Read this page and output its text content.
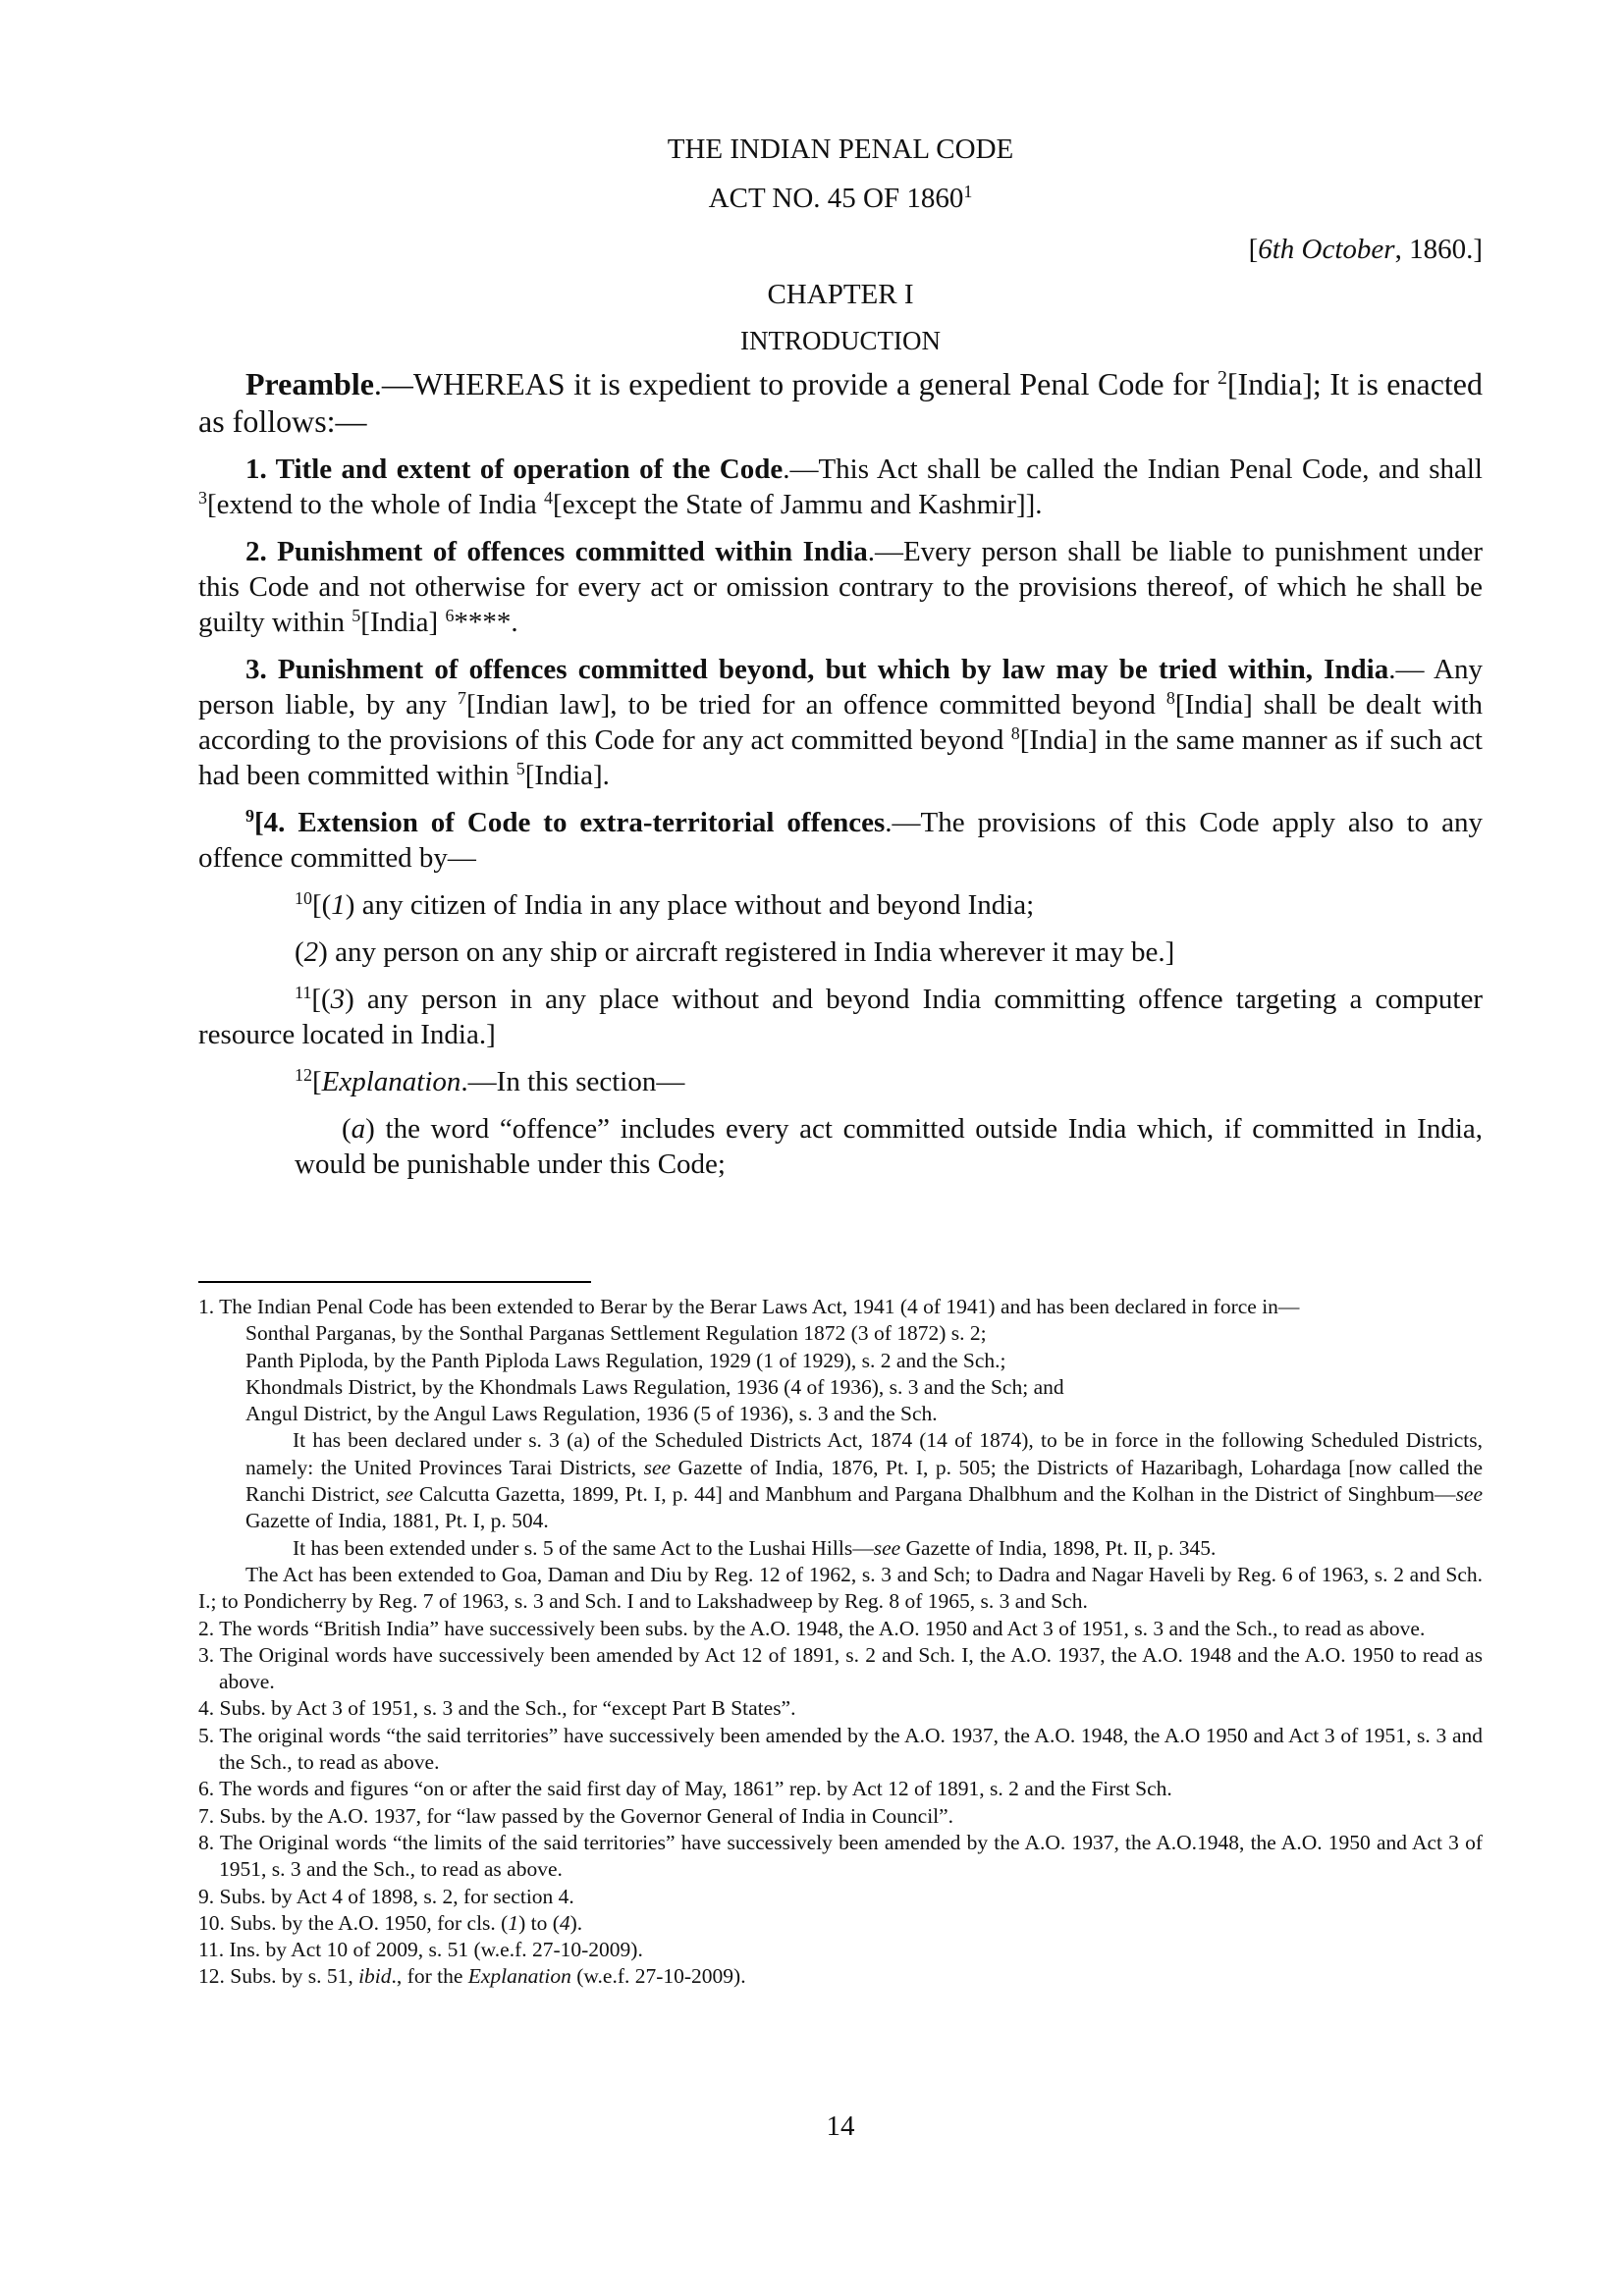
THE INDIAN PENAL CODE
ACT NO. 45 OF 1860$^1$
[6th October, 1860.]
CHAPTER I
INTRODUCTION

Preamble.—WHEREAS it is expedient to provide a general Penal Code for $^2$[India]; It is enacted as follows:—

1. Title and extent of operation of the Code.—This Act shall be called the Indian Penal Code, and shall $^3$[extend to the whole of India $^4$[except the State of Jammu and Kashmir]].

2. Punishment of offences committed within India.—Every person shall be liable to punishment under this Code and not otherwise for every act or omission contrary to the provisions thereof, of which he shall be guilty within $^5$[India] $^6$****.

3. Punishment of offences committed beyond, but which by law may be tried within, India.— Any person liable, by any $^7$[Indian law], to be tried for an offence committed beyond $^8$[India] shall be dealt with according to the provisions of this Code for any act committed beyond $^8$[India] in the same manner as if such act had been committed within $^5$[India].

$^9$[4. Extension of Code to extra-territorial offences.—The provisions of this Code apply also to any offence committed by—

$^{10}$[(1) any citizen of India in any place without and beyond India;

(2) any person on any ship or aircraft registered in India wherever it may be.]

$^{11}$[(3) any person in any place without and beyond India committing offence targeting a computer resource located in India.]

$^{12}$[Explanation.—In this section—

(a) the word “offence” includes every act committed outside India which, if committed in India, would be punishable under this Code;

1. The Indian Penal Code has been extended to Berar by the Berar Laws Act, 1941 (4 of 1941) and has been declared in force in—
Sonthal Parganas, by the Sonthal Parganas Settlement Regulation 1872 (3 of 1872) s. 2;
Panth Piploda, by the Panth Piploda Laws Regulation, 1929 (1 of 1929), s. 2 and the Sch.;
Khondmals District, by the Khondmals Laws Regulation, 1936 (4 of 1936), s. 3 and the Sch; and
Angul District, by the Angul Laws Regulation, 1936 (5 of 1936), s. 3 and the Sch.
It has been declared under s. 3 (a) of the Scheduled Districts Act, 1874 (14 of 1874), to be in force in the following Scheduled Districts, namely: the United Provinces Tarai Districts, see Gazette of India, 1876, Pt. I, p. 505; the Districts of Hazaribagh, Lohardaga [now called the Ranchi District, see Calcutta Gazetta, 1899, Pt. I, p. 44] and Manbhum and Pargana Dhalbhum and the Kolhan in the District of Singhbum—see Gazette of India, 1881, Pt. I, p. 504.
It has been extended under s. 5 of the same Act to the Lushai Hills—see Gazette of India, 1898, Pt. II, p. 345.
The Act has been extended to Goa, Daman and Diu by Reg. 12 of 1962, s. 3 and Sch; to Dadra and Nagar Haveli by Reg. 6 of 1963, s. 2 and Sch. I.; to Pondicherry by Reg. 7 of 1963, s. 3 and Sch. I and to Lakshadweep by Reg. 8 of 1965, s. 3 and Sch.
2. The words “British India” have successively been subs. by the A.O. 1948, the A.O. 1950 and Act 3 of 1951, s. 3 and the Sch., to read as above.
3. The Original words have successively been amended by Act 12 of 1891, s. 2 and Sch. I, the A.O. 1937, the A.O. 1948 and the A.O. 1950 to read as above.
4. Subs. by Act 3 of 1951, s. 3 and the Sch., for “except Part B States”.
5. The original words “the said territories” have successively been amended by the A.O. 1937, the A.O. 1948, the A.O 1950 and Act 3 of 1951, s. 3 and the Sch., to read as above.
6. The words and figures “on or after the said first day of May, 1861” rep. by Act 12 of 1891, s. 2 and the First Sch.
7. Subs. by the A.O. 1937, for “law passed by the Governor General of India in Council”.
8. The Original words “the limits of the said territories” have successively been amended by the A.O. 1937, the A.O.1948, the A.O. 1950 and Act 3 of 1951, s. 3 and the Sch., to read as above.
9. Subs. by Act 4 of 1898, s. 2, for section 4.
10. Subs. by the A.O. 1950, for cls. (1) to (4).
11. Ins. by Act 10 of 2009, s. 51 (w.e.f. 27-10-2009).
12. Subs. by s. 51, ibid., for the Explanation (w.e.f. 27-10-2009).
14
